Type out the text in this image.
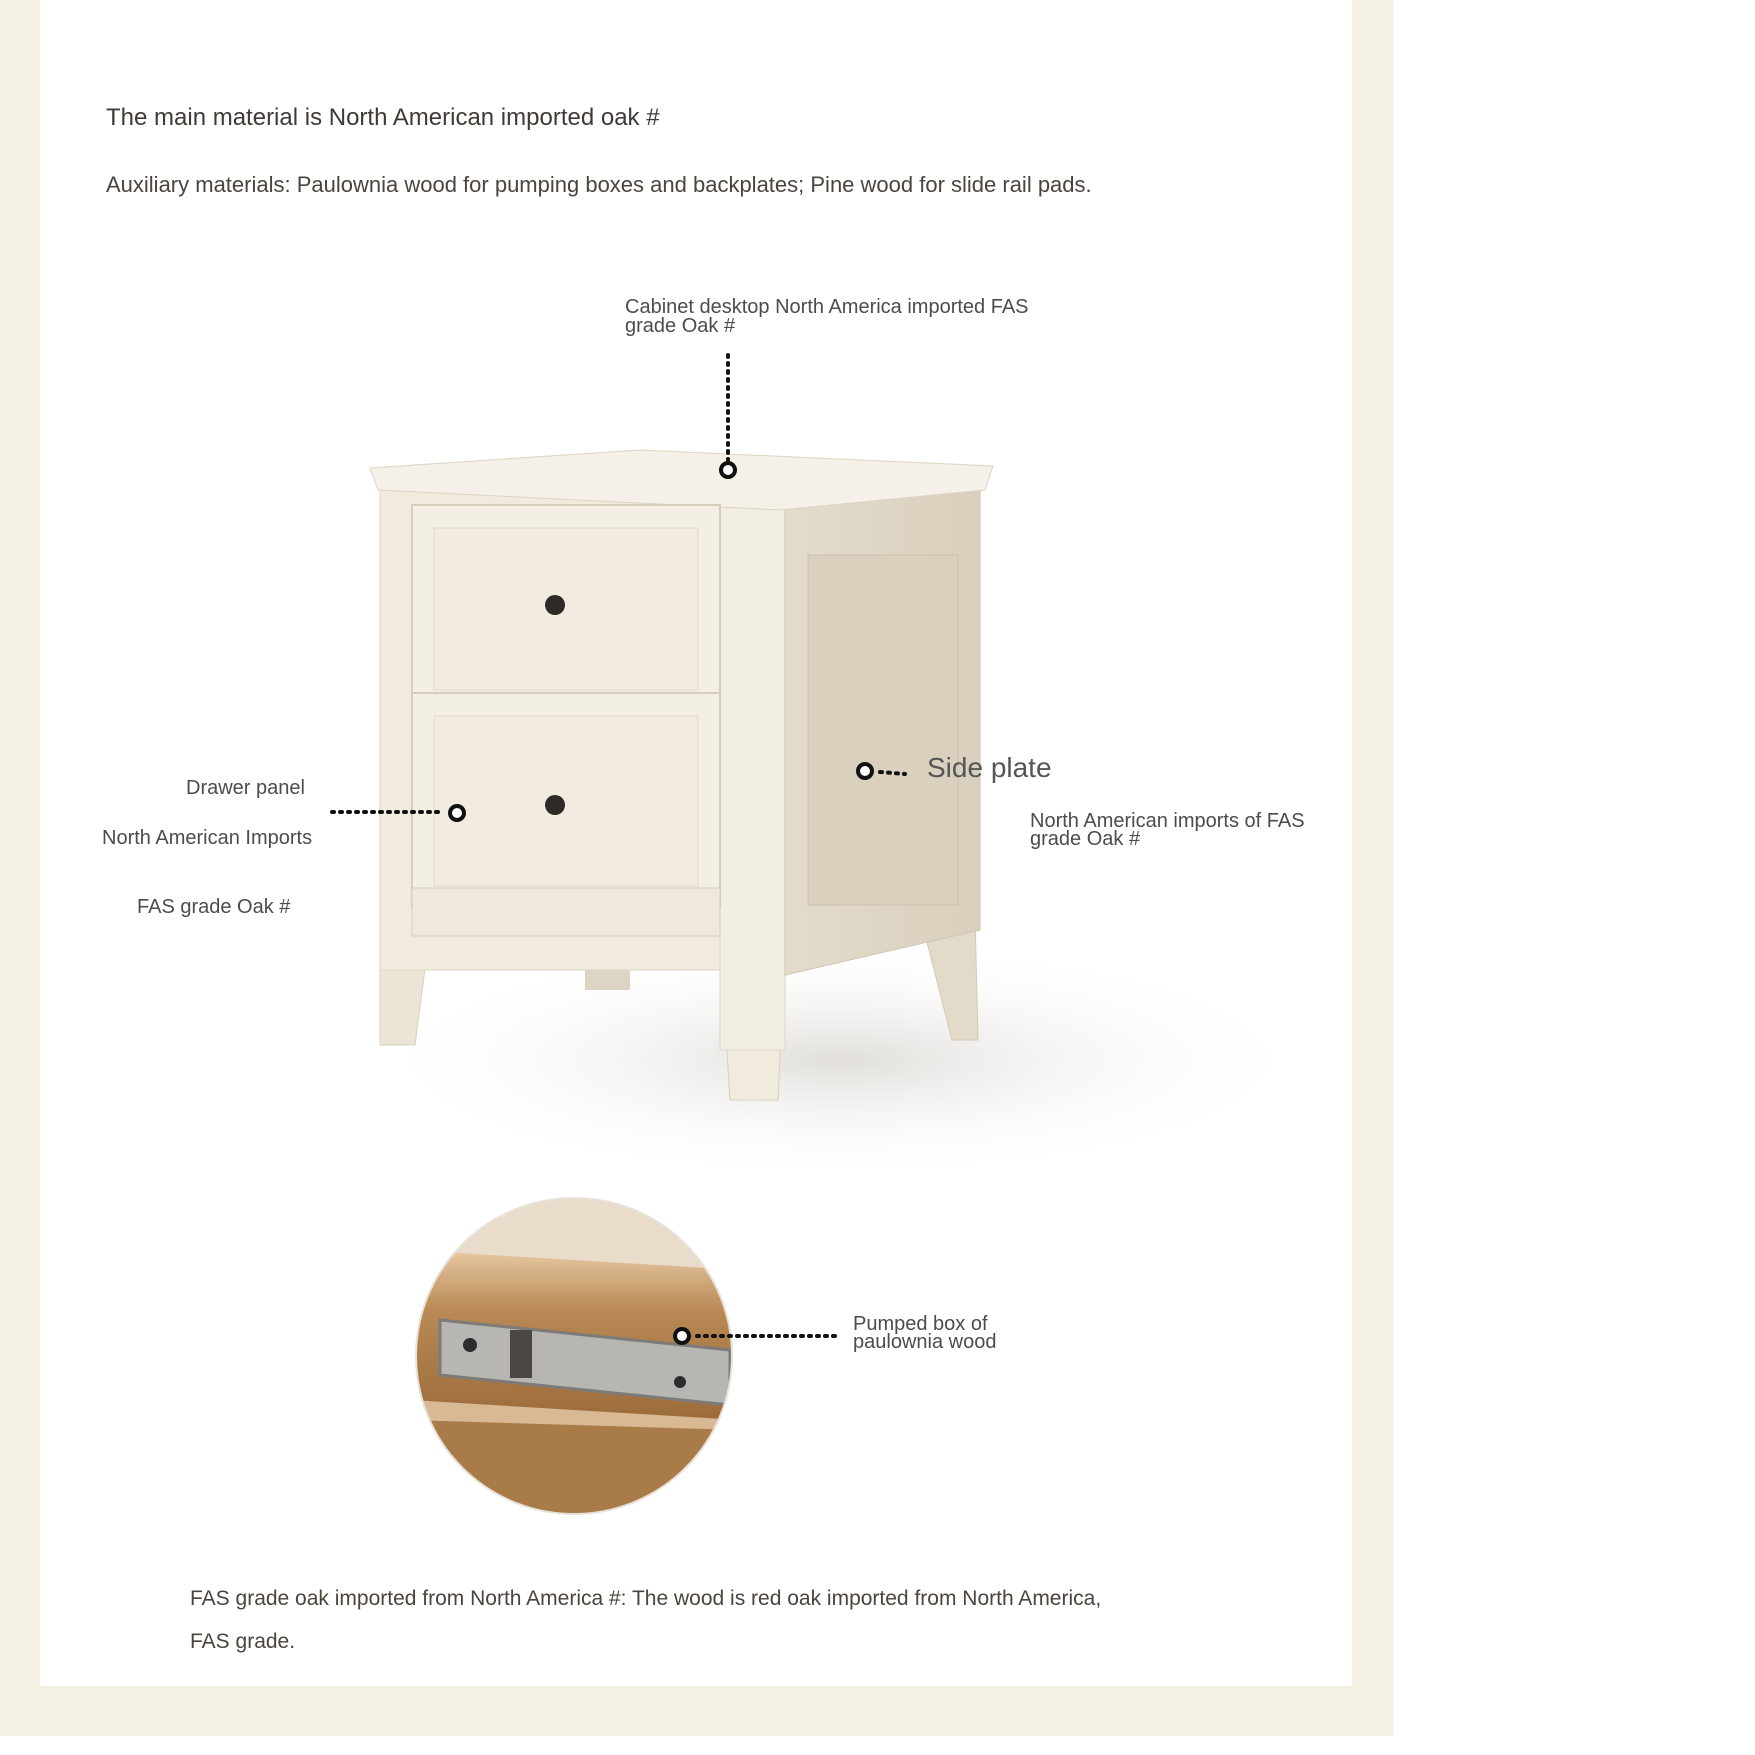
The main material is North American imported oak #
Auxiliary materials: Paulownia wood for pumping boxes and backplates; Pine wood for slide rail pads.
Cabinet desktop North America imported FAS
grade Oak #
Drawer panel
North American Imports
FAS grade Oak #
Side plate
North American imports of FAS
grade Oak #
Pumped box of
paulownia wood
FAS grade oak imported from North America #: The wood is red oak imported from North America,
FAS grade.
